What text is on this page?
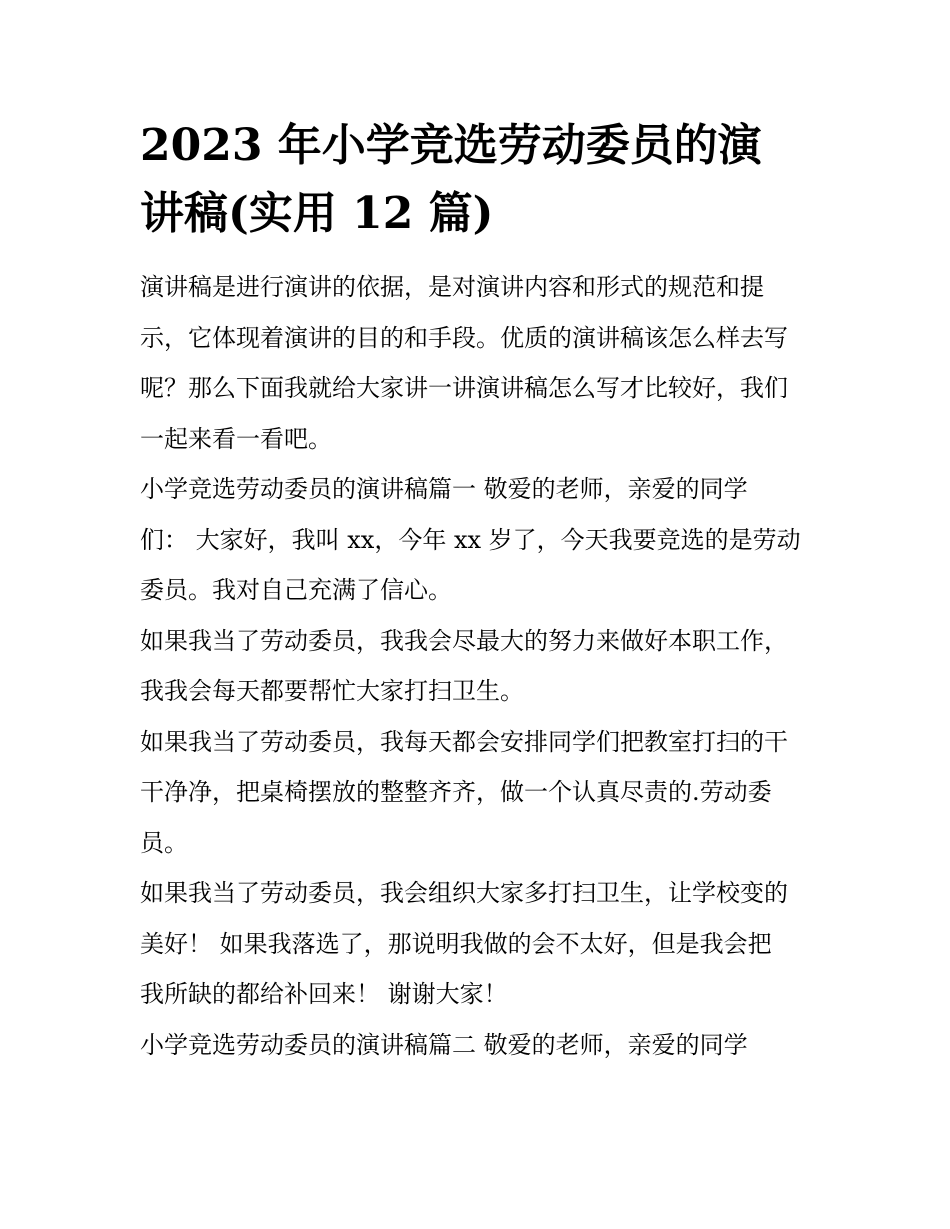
2023 年小学竞选劳动委员的演
讲稿(实用 12 篇)

演讲稿是进行演讲的依据，是对演讲内容和形式的规范和提
示，它体现着演讲的目的和手段。优质的演讲稿该怎么样去写
呢？那么下面我就给大家讲一讲演讲稿怎么写才比较好，我们
一起来看一看吧。

小学竞选劳动委员的演讲稿篇一 敬爱的老师，亲爱的同学
们： 大家好，我叫 xx，今年 xx 岁了，今天我要竞选的是劳动
委员。我对自己充满了信心。

如果我当了劳动委员，我我会尽最大的努力来做好本职工作，
我我会每天都要帮忙大家打扫卫生。

如果我当了劳动委员，我每天都会安排同学们把教室打扫的干
干净净，把桌椅摆放的整整齐齐，做一个认真尽责的.劳动委
员。

如果我当了劳动委员，我会组织大家多打扫卫生，让学校变的
美好！ 如果我落选了，那说明我做的会不太好，但是我会把
我所缺的都给补回来！ 谢谢大家！

小学竞选劳动委员的演讲稿篇二 敬爱的老师，亲爱的同学
